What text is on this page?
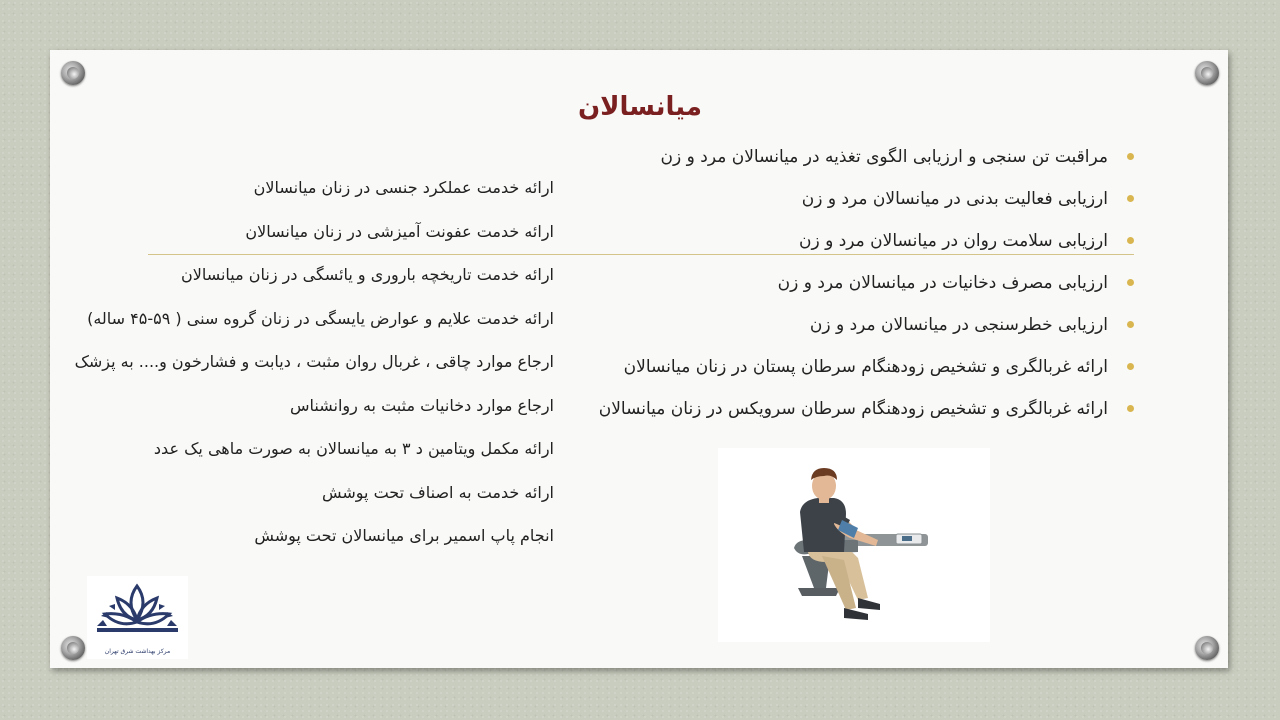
میانسالان
مراقبت تن سنجی و ارزیابی الگوی تغذیه در میانسالان مرد و زن
ارزیابی فعالیت بدنی در میانسالان مرد و زن
ارزیابی سلامت روان در میانسالان مرد و زن
ارزیابی مصرف دخانیات در میانسالان مرد و زن
ارزیابی خطرسنجی در میانسالان مرد و زن
ارائه غربالگری و تشخیص زودهنگام سرطان پستان در زنان میانسالان
ارائه غربالگری و تشخیص زودهنگام سرطان سرویکس در زنان میانسالان
ارائه خدمت عملکرد جنسی در زنان میانسالان
ارائه خدمت عفونت آمیزشی در زنان میانسالان
ارائه خدمت تاریخچه باروری و یائسگی در زنان میانسالان
ارائه خدمت علایم و عوارض یایسگی در زنان گروه سنی ( ۵۹-۴۵ ساله)
ارجاع موارد چاقی ، غربال روان مثبت ، دیابت و فشارخون و.... به پزشک
ارجاع موارد دخانیات مثبت به روانشناس
ارائه مکمل ویتامین د ۳ به میانسالان به صورت ماهی یک عدد
ارائه خدمت به اصناف تحت پوشش
انجام پاپ اسمیر برای میانسالان تحت پوشش
مرکز بهداشت شرق تهران
